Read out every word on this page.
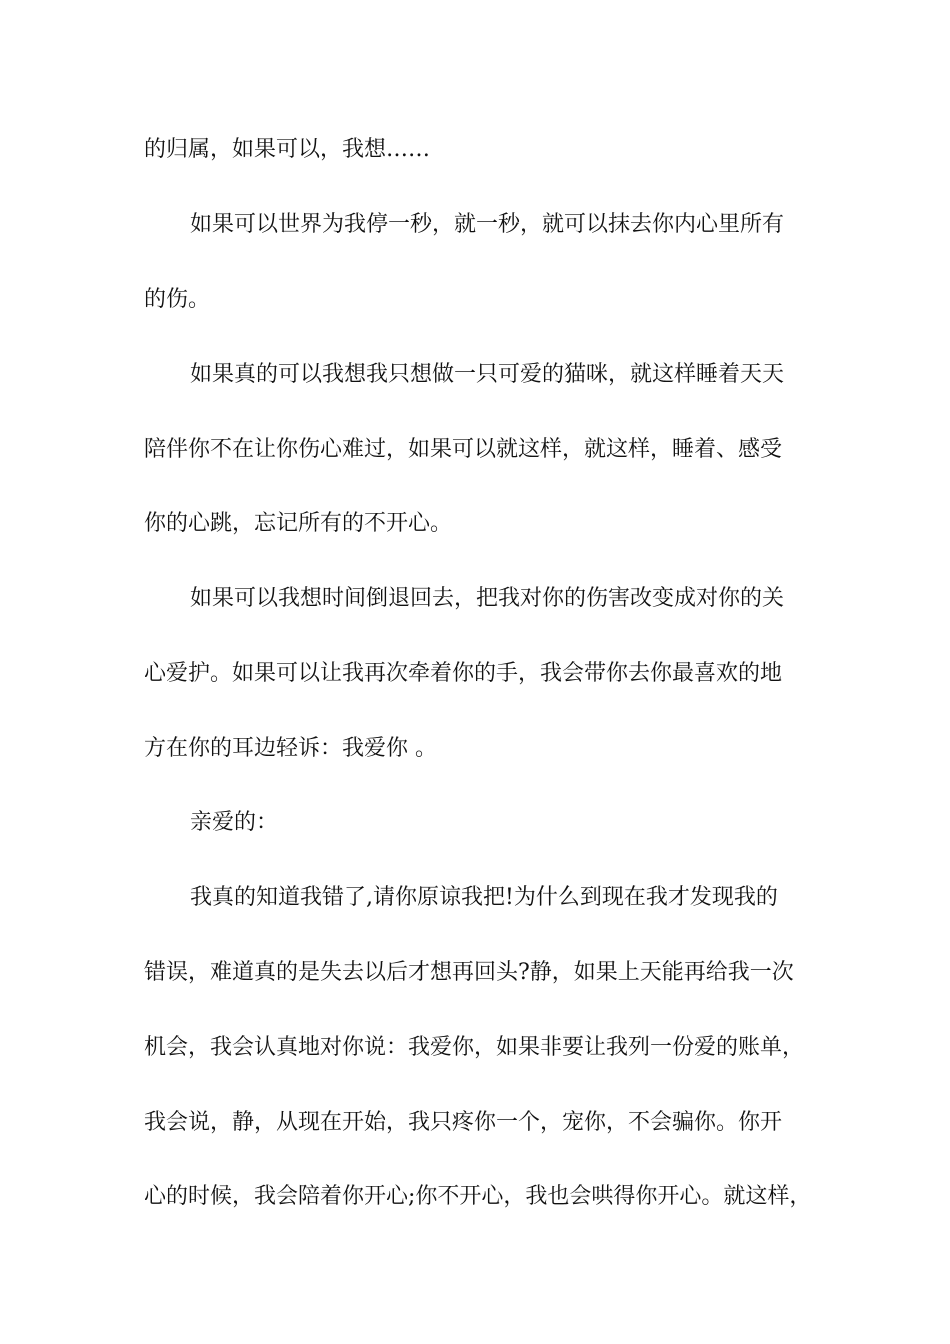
的归属，如果可以，我想……
如果可以世界为我停一秒，就一秒，就可以抹去你内心里所有
的伤。
如果真的可以我想我只想做一只可爱的猫咪，就这样睡着天天
陪伴你不在让你伤心难过，如果可以就这样，就这样，睡着、感受
你的心跳，忘记所有的不开心。
如果可以我想时间倒退回去，把我对你的伤害改变成对你的关
心爱护。如果可以让我再次牵着你的手，我会带你去你最喜欢的地
方在你的耳边轻诉：我爱你 。
亲爱的：
我真的知道我错了,请你原谅我把!为什么到现在我才发现我的
错误，难道真的是失去以后才想再回头?静，如果上天能再给我一次
机会，我会认真地对你说：我爱你，如果非要让我列一份爱的账单，
我会说，静，从现在开始，我只疼你一个，宠你，不会骗你。你开
心的时候，我会陪着你开心;你不开心，我也会哄得你开心。就这样，
